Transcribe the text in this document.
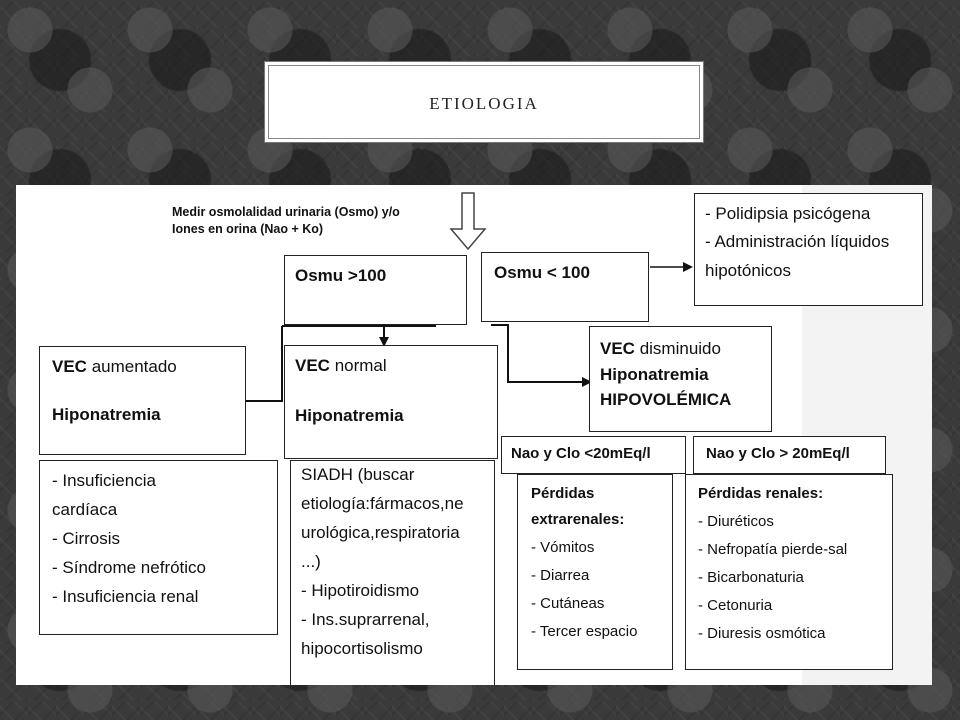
ETIOLOGIA
Medir osmolalidad urinaria (Osmo) y/o
Iones en orina (Nao + Ko)
- Polidipsia psicógena
- Administración líquidos
hipotónicos
Osmu >100	Osmu < 100
VEC aumentado
Hiponatremia
VEC normal
Hiponatremia
VEC disminuido
Hiponatremia
HIPOVOLÉMICA
- Insuficiencia
cardíaca
- Cirrosis
- Síndrome nefrótico
- Insuficiencia renal
SIADH (buscar
etiología:fármacos,ne
urológica,respiratoria
...)
- Hipotiroidismo
- Ins.suprarrenal,
hipocortisolismo
Nao y Clo <20mEq/l	Nao y Clo > 20mEq/l
Pérdidas
extrarenales:
- Vómitos
- Diarrea
- Cutáneas
- Tercer espacio
Pérdidas renales:
- Diuréticos
- Nefropatía pierde-sal
- Bicarbonaturia
- Cetonuria
- Diuresis osmótica
